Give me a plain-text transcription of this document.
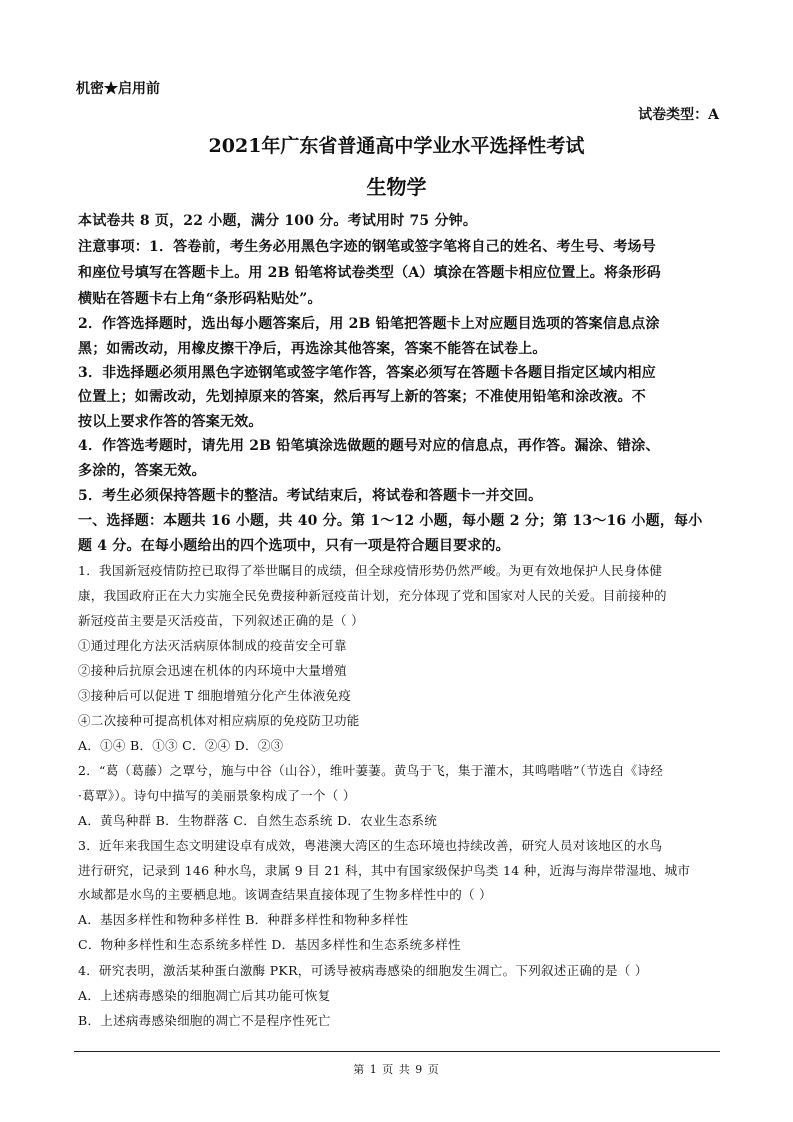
机密★启用前
试卷类型：A
2021年广东省普通高中学业水平选择性考试
生物学
本试卷共 8 页，22 小题，满分 100 分。考试用时 75 分钟。
注意事项：1．答卷前，考生务必用黑色字迹的钢笔或签字笔将自己的姓名、考生号、考场号
和座位号填写在答题卡上。用 2B 铅笔将试卷类型（A）填涂在答题卡相应位置上。将条形码
横贴在答题卡右上角“条形码粘贴处”。
2．作答选择题时，选出每小题答案后，用 2B 铅笔把答题卡上对应题目选项的答案信息点涂
黑；如需改动，用橡皮擦干净后，再选涂其他答案，答案不能答在试卷上。
3．非选择题必须用黑色字迹钢笔或签字笔作答，答案必须写在答题卡各题目指定区域内相应
位置上；如需改动，先划掉原来的答案，然后再写上新的答案；不准使用铅笔和涂改液。不
按以上要求作答的答案无效。
4．作答选考题时，请先用 2B 铅笔填涂选做题的题号对应的信息点，再作答。漏涂、错涂、
多涂的，答案无效。
5．考生必须保持答题卡的整洁。考试结束后，将试卷和答题卡一并交回。
一、选择题：本题共 16 小题，共 40 分。第 1～12 小题，每小题 2 分；第 13～16 小题，每小
题 4 分。在每小题给出的四个选项中，只有一项是符合题目要求的。
1．我国新冠疫情防控已取得了举世瞩目的成绩，但全球疫情形势仍然严峻。为更有效地保护人民身体健
康，我国政府正在大力实施全民免费接种新冠疫苗计划，充分体现了党和国家对人民的关爱。目前接种的
新冠疫苗主要是灭活疫苗，下列叙述正确的是（ ）
①通过理化方法灭活病原体制成的疫苗安全可靠
②接种后抗原会迅速在机体的内环境中大量增殖
③接种后可以促进 T 细胞增殖分化产生体液免疫
④二次接种可提高机体对相应病原的免疫防卫功能
A．①④ B．①③ C．②④ D．②③
2．“葛（葛藤）之覃兮，施与中谷（山谷），维叶萋萋。黄鸟于飞，集于灌木，其鸣喈喈”（节选自《诗经
·葛覃》）。诗句中描写的美丽景象构成了一个（ ）
A．黄鸟种群 B．生物群落 C．自然生态系统 D．农业生态系统
3．近年来我国生态文明建设卓有成效，粤港澳大湾区的生态环境也持续改善，研究人员对该地区的水鸟
进行研究，记录到 146 种水鸟，隶属 9 目 21 科，其中有国家级保护鸟类 14 种，近海与海岸带湿地、城市
水域都是水鸟的主要栖息地。该调查结果直接体现了生物多样性中的（ ）
A．基因多样性和物种多样性 B．种群多样性和物种多样性
C．物种多样性和生态系统多样性 D．基因多样性和生态系统多样性
4．研究表明，激活某种蛋白激酶 PKR，可诱导被病毒感染的细胞发生凋亡。下列叙述正确的是（ ）
A．上述病毒感染的细胞凋亡后其功能可恢复
B．上述病毒感染细胞的凋亡不是程序性死亡
第 1 页 共 9 页
